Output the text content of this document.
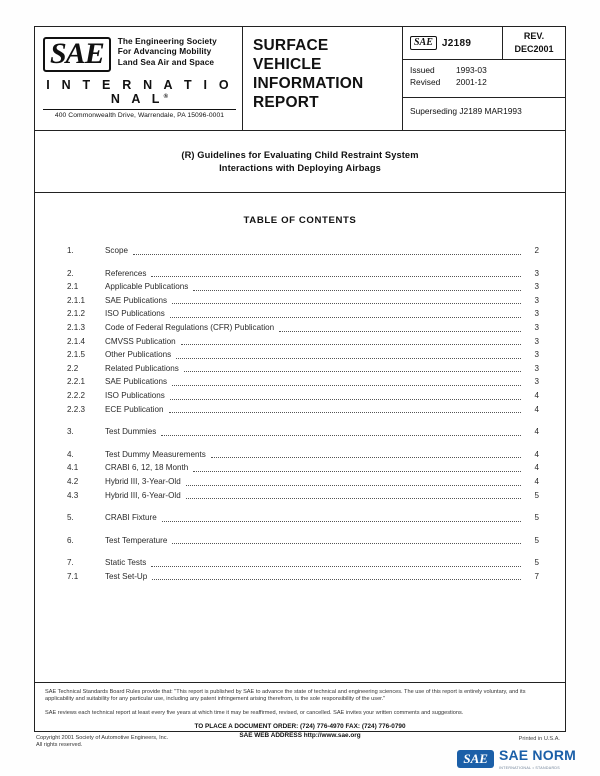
SAE	The Engineering Society
For Advancing Mobility
Land Sea Air and Space
I N T E R N A T I O N A L®
400 Commonwealth Drive, Warrendale, PA 15096-0001
SURFACE
VEHICLE
INFORMATION
REPORT
SAE J2189
REV.
DEC2001
Issued	1993-03
Revised	2001-12
Superseding J2189 MAR1993
(R) Guidelines for Evaluating Child Restraint System
Interactions with Deploying Airbags
TABLE OF CONTENTS
1.	Scope	2
2.	References	3
2.1	Applicable Publications	3
2.1.1	SAE Publications	3
2.1.2	ISO Publications	3
2.1.3	Code of Federal Regulations (CFR) Publication	3
2.1.4	CMVSS Publication	3
2.1.5	Other Publications	3
2.2	Related Publications	3
2.2.1	SAE Publications	3
2.2.2	ISO Publications	4
2.2.3	ECE Publication	4
3.	Test Dummies	4
4.	Test Dummy Measurements	4
4.1	CRABI 6, 12, 18 Month	4
4.2	Hybrid III, 3-Year-Old	4
4.3	Hybrid III, 6-Year-Old	5
5.	CRABI Fixture	5
6.	Test Temperature	5
7.	Static Tests	5
7.1	Test Set-Up	7

SAE Technical Standards Board Rules provide that: "This report is published by SAE to advance the state of technical and engineering sciences. The use of this report is entirely voluntary, and its applicability and suitability for any particular use, including any patent infringement arising therefrom, is the sole responsibility of the user."

SAE reviews each technical report at least every five years at which time it may be reaffirmed, revised, or cancelled. SAE invites your written comments and suggestions.

TO PLACE A DOCUMENT ORDER: (724) 776-4970 FAX: (724) 776-0790
SAE WEB ADDRESS http://www.sae.org
Copyright 2001 Society of Automotive Engineers, Inc.
All rights reserved.
Printed in U.S.A.
SAE SAE NORM
INTERNATIONAL • STANDARDS
